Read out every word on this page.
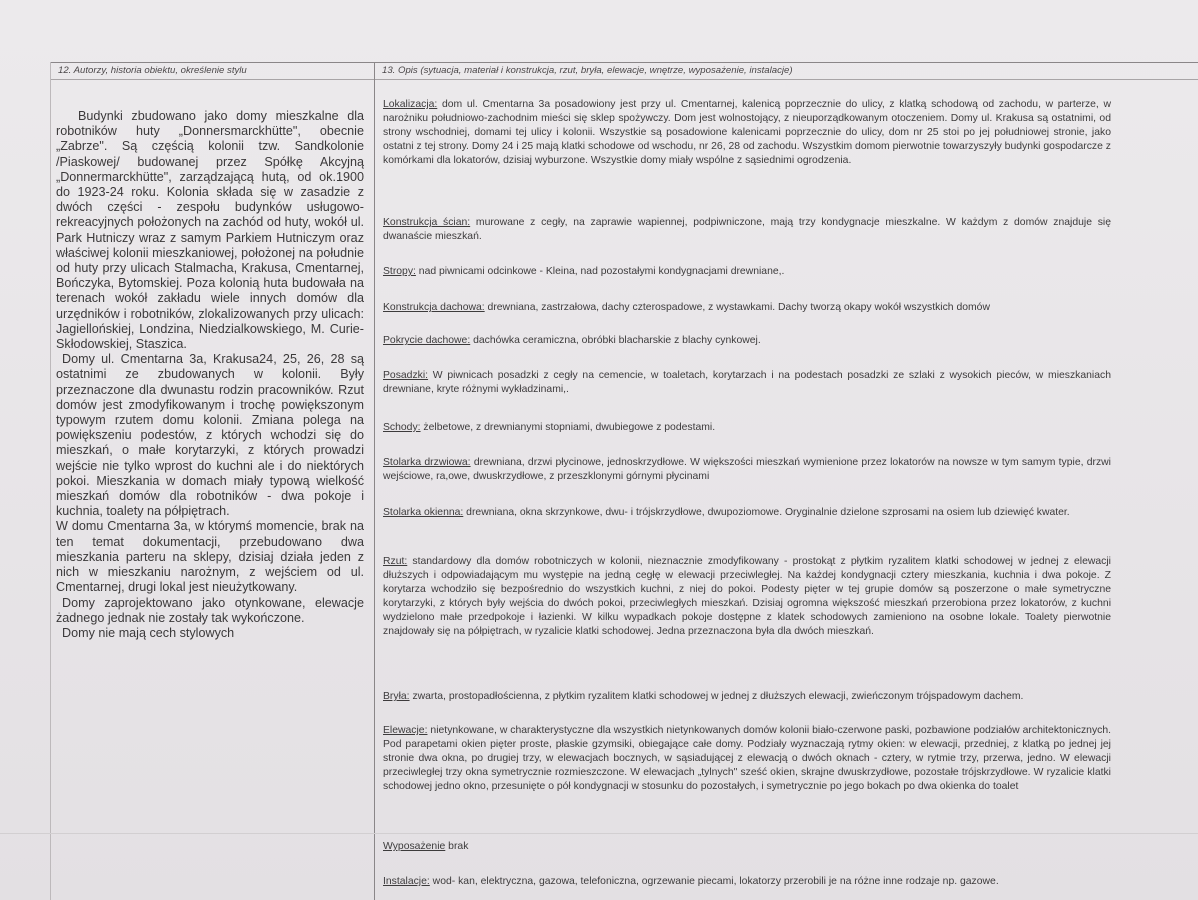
12. Autorzy, historia obiektu, określenie stylu	13. Opis (sytuacja, materiał i konstrukcja, rzut, bryła, elewacje, wnętrze, wyposażenie, instalacje)

Budynki zbudowano jako domy mieszkalne dla robotników huty „Donnersmarckhütte", obecnie „Zabrze". Są częścią kolonii tzw. Sandkolonie /Piaskowej/ budowanej przez Spółkę Akcyjną „Donnermarckhütte", zarządzającą hutą, od ok.1900 do 1923-24 roku. Kolonia składa się w zasadzie z dwóch części - zespołu budynków usługowo-rekreacyjnych położonych na zachód od huty, wokół ul. Park Hutniczy wraz z samym Parkiem Hutniczym oraz właściwej kolonii mieszkaniowej, położonej na południe od huty przy ulicach Stalmacha, Krakusa, Cmentarnej, Bończyka, Bytomskiej. Poza kolonią huta budowała na terenach wokół zakładu wiele innych domów dla urzędników i robotników, zlokalizowanych przy ulicach: Jagiellońskiej, Londzina, Niedzialkowskiego, M. Curie-Skłodowskiej, Staszica.

Domy ul. Cmentarna 3a, Krakusa24, 25, 26, 28 są ostatnimi ze zbudowanych w kolonii. Były przeznaczone dla dwunastu rodzin pracowników. Rzut domów jest zmodyfikowanym i trochę powiększonym typowym rzutem domu kolonii. Zmiana polega na powiększeniu podestów, z których wchodzi się do mieszkań, o małe korytarzyki, z których prowadzi wejście nie tylko wprost do kuchni ale i do niektórych pokoi. Mieszkania w domach miały typową wielkość mieszkań domów dla robotników - dwa pokoje i kuchnia, toalety na półpiętrach.

W domu Cmentarna 3a, w którymś momencie, brak na ten temat dokumentacji, przebudowano dwa mieszkania parteru na sklepy, dzisiaj działa jeden z nich w mieszkaniu narożnym, z wejściem od ul. Cmentarnej, drugi lokal jest nieużytkowany.

Domy zaprojektowano jako otynkowane, elewacje żadnego jednak nie zostały tak wykończone.

Domy nie mają cech stylowych

Lokalizacja: dom ul. Cmentarna 3a posadowiony jest przy ul. Cmentarnej, kalenicą poprzecznie do ulicy, z klatką schodową od zachodu, w parterze, w narożniku południowo-zachodnim mieści się sklep spożywczy. Dom jest wolnostojący, z nieuporządkowanym otoczeniem. Domy ul. Krakusa są ostatnimi, od strony wschodniej, domami tej ulicy i kolonii. Wszystkie są posadowione kalenicami poprzecznie do ulicy, dom nr 25 stoi po jej południowej stronie, jako ostatni z tej strony. Domy 24 i 25 mają klatki schodowe od wschodu, nr 26, 28 od zachodu. Wszystkim domom pierwotnie towarzyszyły budynki gospodarcze z komórkami dla lokatorów, dzisiaj wyburzone. Wszystkie domy miały wspólne z sąsiednimi ogrodzenia.
Konstrukcja ścian: murowane z cegły, na zaprawie wapiennej, podpiwniczone, mają trzy kondygnacje mieszkalne. W każdym z domów znajduje się dwanaście mieszkań.
Stropy: nad piwnicami odcinkowe - Kleina, nad pozostałymi kondygnacjami drewniane,.
Konstrukcja dachowa: drewniana, zastrzałowa, dachy czterospadowe, z wystawkami. Dachy tworzą okapy wokół wszystkich domów
Pokrycie dachowe: dachówka ceramiczna, obróbki blacharskie z blachy cynkowej.
Posadzki: W piwnicach posadzki z cegły na cemencie, w toaletach, korytarzach i na podestach posadzki ze szlaki z wysokich pieców, w mieszkaniach drewniane, kryte różnymi wykładzinami,.
Schody: żelbetowe, z drewnianymi stopniami, dwubiegowe z podestami.
Stolarka drzwiowa: drewniana, drzwi płycinowe, jednoskrzydłowe. W większości mieszkań wymienione przez lokatorów na nowsze w tym samym typie, drzwi wejściowe, ra,owe, dwuskrzydłowe, z przeszklonymi górnymi płycinami
Stolarka okienna: drewniana, okna skrzynkowe, dwu- i trójskrzydłowe, dwupoziomowe. Oryginalnie dzielone szprosami na osiem lub dziewięć kwater.
Rzut: standardowy dla domów robotniczych w kolonii, nieznacznie zmodyfikowany - prostokąt z płytkim ryzalitem klatki schodowej w jednej z elewacji dłuższych i odpowiadającym mu występie na jedną cegłę w elewacji przeciwległej. Na każdej kondygnacji cztery mieszkania, kuchnia i dwa pokoje. Z korytarza wchodziło się bezpośrednio do wszystkich kuchni, z niej do pokoi. Podesty pięter w tej grupie domów są poszerzone o małe symetryczne korytarzyki, z których były wejścia do dwóch pokoi, przeciwległych mieszkań. Dzisiaj ogromna większość mieszkań przerobiona przez lokatorów, z kuchni wydzielono małe przedpokoje i łazienki. W kilku wypadkach pokoje dostępne z klatek schodowych zamieniono na osobne lokale. Toalety pierwotnie znajdowały się na półpiętrach, w ryzalicie klatki schodowej. Jedna przeznaczona była dla dwóch mieszkań.
Bryła: zwarta, prostopadłościenna, z płytkim ryzalitem klatki schodowej w jednej z dłuższych elewacji, zwieńczonym trójspadowym dachem.
Elewacje: nietynkowane, w charakterystyczne dla wszystkich nietynkowanych domów kolonii biało-czerwone paski, pozbawione podziałów architektonicznych. Pod parapetami okien pięter proste, płaskie gzymsiki, obiegające całe domy. Podziały wyznaczają rytmy okien: w elewacji, przedniej, z klatką po jednej jej stronie dwa okna, po drugiej trzy, w elewacjach bocznych, w sąsiadującej z elewacją o dwóch oknach - cztery, w rytmie trzy, przerwa, jedno. W elewacji przeciwległej trzy okna symetrycznie rozmieszczone. W elewacjach „tylnych" sześć okien, skrajne dwuskrzydłowe, pozostałe trójskrzydłowe. W ryzalicie klatki schodowej jedno okno, przesunięte o pół kondygnacji w stosunku do pozostałych, i symetrycznie po jego bokach po dwa okienka do toalet
Wyposażenie brak
Instalacje: wod- kan, elektryczna, gazowa, telefoniczna, ogrzewanie piecami, lokatorzy przerobili je na różne inne rodzaje np. gazowe.
